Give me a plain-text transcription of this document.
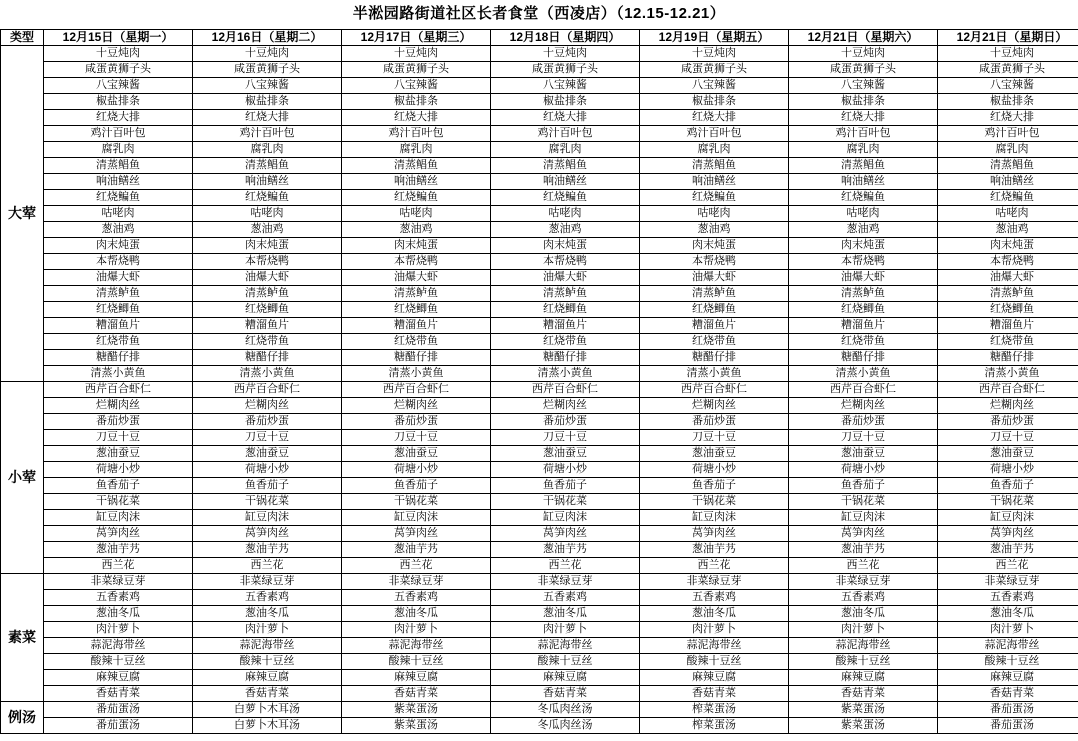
半淞园路街道社区长者食堂（西凌店）（12.15-12.21）
类型	12月15日（星期一）	12月16日（星期二）	12月17日（星期三）	12月18日（星期四）	12月19日（星期五）	12月21日（星期六）	12月21日（星期日）
大荤	十豆炖肉	十豆炖肉	十豆炖肉	十豆炖肉	十豆炖肉	十豆炖肉	十豆炖肉
	咸蛋黄狮子头	咸蛋黄狮子头	咸蛋黄狮子头	咸蛋黄狮子头	咸蛋黄狮子头	咸蛋黄狮子头	咸蛋黄狮子头
	八宝辣酱	八宝辣酱	八宝辣酱	八宝辣酱	八宝辣酱	八宝辣酱	八宝辣酱
	椒盐排条	椒盐排条	椒盐排条	椒盐排条	椒盐排条	椒盐排条	椒盐排条
	红烧大排	红烧大排	红烧大排	红烧大排	红烧大排	红烧大排	红烧大排
	鸡汁百叶包	鸡汁百叶包	鸡汁百叶包	鸡汁百叶包	鸡汁百叶包	鸡汁百叶包	鸡汁百叶包
	腐乳肉	腐乳肉	腐乳肉	腐乳肉	腐乳肉	腐乳肉	腐乳肉
	清蒸鲳鱼	清蒸鲳鱼	清蒸鲳鱼	清蒸鲳鱼	清蒸鲳鱼	清蒸鲳鱼	清蒸鲳鱼
	响油鳝丝	响油鳝丝	响油鳝丝	响油鳝丝	响油鳝丝	响油鳝丝	响油鳝丝
	红烧鳊鱼	红烧鳊鱼	红烧鳊鱼	红烧鳊鱼	红烧鳊鱼	红烧鳊鱼	红烧鳊鱼
	咕咾肉	咕咾肉	咕咾肉	咕咾肉	咕咾肉	咕咾肉	咕咾肉
	葱油鸡	葱油鸡	葱油鸡	葱油鸡	葱油鸡	葱油鸡	葱油鸡
	肉末炖蛋	肉末炖蛋	肉末炖蛋	肉末炖蛋	肉末炖蛋	肉末炖蛋	肉末炖蛋
	本帮烧鸭	本帮烧鸭	本帮烧鸭	本帮烧鸭	本帮烧鸭	本帮烧鸭	本帮烧鸭
	油爆大虾	油爆大虾	油爆大虾	油爆大虾	油爆大虾	油爆大虾	油爆大虾
	清蒸鲈鱼	清蒸鲈鱼	清蒸鲈鱼	清蒸鲈鱼	清蒸鲈鱼	清蒸鲈鱼	清蒸鲈鱼
	红烧鲫鱼	红烧鲫鱼	红烧鲫鱼	红烧鲫鱼	红烧鲫鱼	红烧鲫鱼	红烧鲫鱼
	糟溜鱼片	糟溜鱼片	糟溜鱼片	糟溜鱼片	糟溜鱼片	糟溜鱼片	糟溜鱼片
	红烧带鱼	红烧带鱼	红烧带鱼	红烧带鱼	红烧带鱼	红烧带鱼	红烧带鱼
	糖醋仔排	糖醋仔排	糖醋仔排	糖醋仔排	糖醋仔排	糖醋仔排	糖醋仔排
	清蒸小黄鱼	清蒸小黄鱼	清蒸小黄鱼	清蒸小黄鱼	清蒸小黄鱼	清蒸小黄鱼	清蒸小黄鱼
小荤	西芹百合虾仁	西芹百合虾仁	西芹百合虾仁	西芹百合虾仁	西芹百合虾仁	西芹百合虾仁	西芹百合虾仁
	烂糊肉丝	烂糊肉丝	烂糊肉丝	烂糊肉丝	烂糊肉丝	烂糊肉丝	烂糊肉丝
	番茄炒蛋	番茄炒蛋	番茄炒蛋	番茄炒蛋	番茄炒蛋	番茄炒蛋	番茄炒蛋
	刀豆十豆	刀豆十豆	刀豆十豆	刀豆十豆	刀豆十豆	刀豆十豆	刀豆十豆
	葱油蚕豆	葱油蚕豆	葱油蚕豆	葱油蚕豆	葱油蚕豆	葱油蚕豆	葱油蚕豆
	荷塘小炒	荷塘小炒	荷塘小炒	荷塘小炒	荷塘小炒	荷塘小炒	荷塘小炒
	鱼香茄子	鱼香茄子	鱼香茄子	鱼香茄子	鱼香茄子	鱼香茄子	鱼香茄子
	干锅花菜	干锅花菜	干锅花菜	干锅花菜	干锅花菜	干锅花菜	干锅花菜
	缸豆肉沫	缸豆肉沫	缸豆肉沫	缸豆肉沫	缸豆肉沫	缸豆肉沫	缸豆肉沫
	莴笋肉丝	莴笋肉丝	莴笋肉丝	莴笋肉丝	莴笋肉丝	莴笋肉丝	莴笋肉丝
	葱油芋艿	葱油芋艿	葱油芋艿	葱油芋艿	葱油芋艿	葱油芋艿	葱油芋艿
	西兰花	西兰花	西兰花	西兰花	西兰花	西兰花	西兰花
素菜	非菜绿豆芽	非菜绿豆芽	非菜绿豆芽	非菜绿豆芽	非菜绿豆芽	非菜绿豆芽	非菜绿豆芽
	五香素鸡	五香素鸡	五香素鸡	五香素鸡	五香素鸡	五香素鸡	五香素鸡
	葱油冬瓜	葱油冬瓜	葱油冬瓜	葱油冬瓜	葱油冬瓜	葱油冬瓜	葱油冬瓜
	肉汁萝卜	肉汁萝卜	肉汁萝卜	肉汁萝卜	肉汁萝卜	肉汁萝卜	肉汁萝卜
	蒜泥海带丝	蒜泥海带丝	蒜泥海带丝	蒜泥海带丝	蒜泥海带丝	蒜泥海带丝	蒜泥海带丝
	酸辣十豆丝	酸辣十豆丝	酸辣十豆丝	酸辣十豆丝	酸辣十豆丝	酸辣十豆丝	酸辣十豆丝
	麻辣豆腐	麻辣豆腐	麻辣豆腐	麻辣豆腐	麻辣豆腐	麻辣豆腐	麻辣豆腐
	香菇青菜	香菇青菜	香菇青菜	香菇青菜	香菇青菜	香菇青菜	香菇青菜
例汤	番茄蛋汤	白萝卜木耳汤	紫菜蛋汤	冬瓜肉丝汤	榨菜蛋汤	紫菜蛋汤	番茄蛋汤
	番茄蛋汤	白萝卜木耳汤	紫菜蛋汤	冬瓜肉丝汤	榨菜蛋汤	紫菜蛋汤	番茄蛋汤
